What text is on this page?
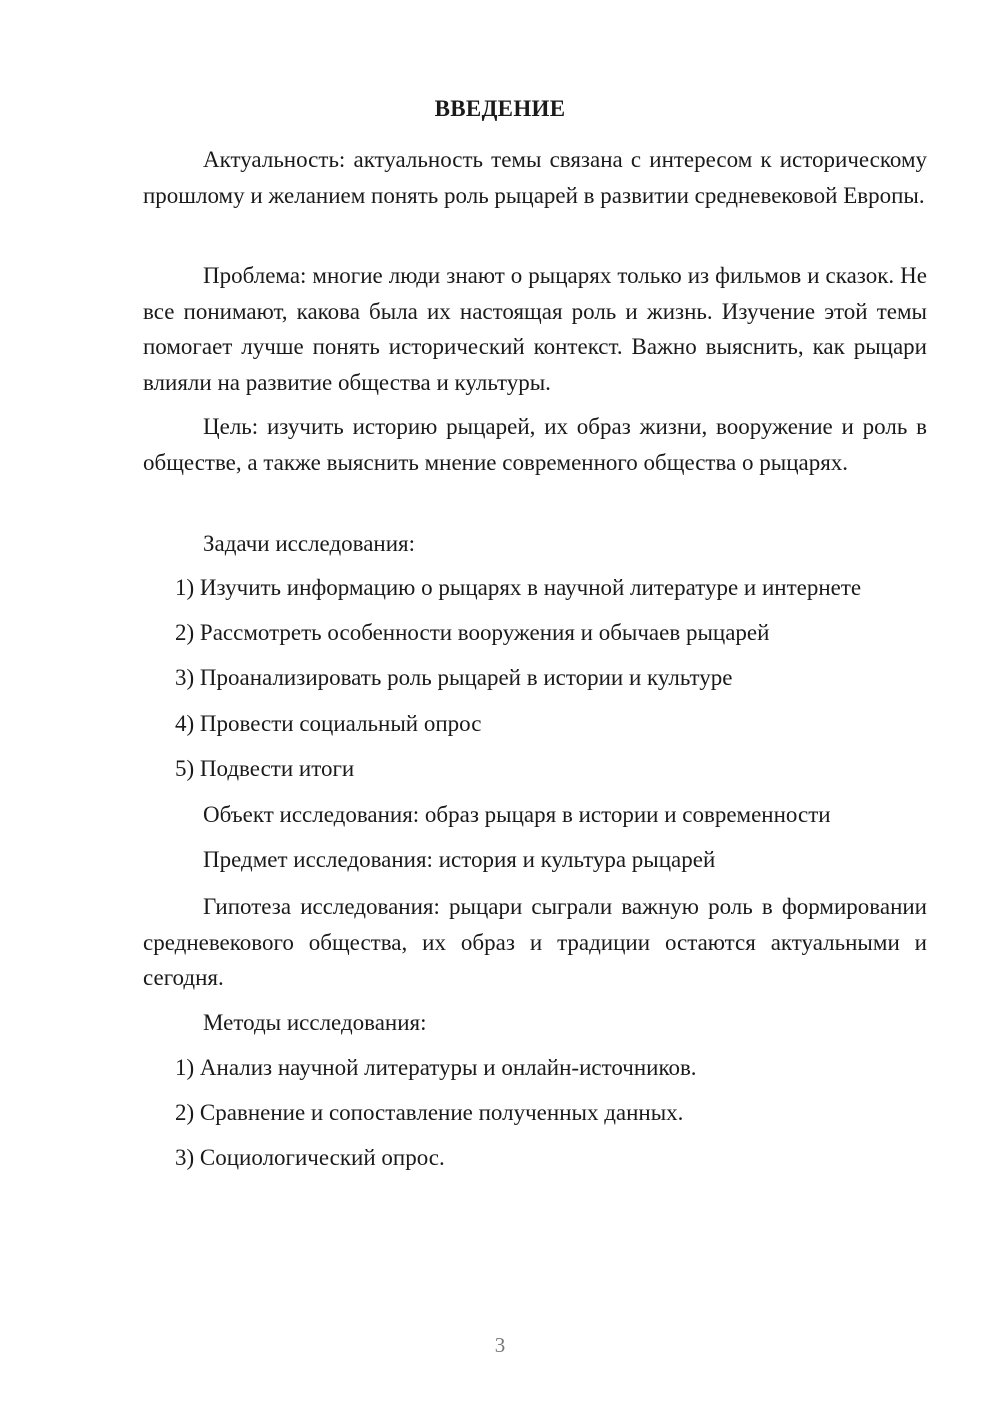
ВВЕДЕНИЕ
Актуальность: актуальность темы связана с интересом к историческому прошлому и желанием понять роль рыцарей в развитии средневековой Европы.
Проблема: многие люди знают о рыцарях только из фильмов и сказок. Не все понимают, какова была их настоящая роль и жизнь. Изучение этой темы помогает лучше понять исторический контекст. Важно выяснить, как рыцари влияли на развитие общества и культуры.
Цель: изучить историю рыцарей, их образ жизни, вооружение и роль в обществе, а также выяснить мнение современного общества о рыцарях.
Задачи исследования:
1) Изучить информацию о рыцарях в научной литературе и интернете
2) Рассмотреть особенности вооружения и обычаев рыцарей
3) Проанализировать роль рыцарей в истории и культуре
4) Провести социальный опрос
5) Подвести итоги
Объект исследования: образ рыцаря в истории и современности
Предмет исследования: история и культура рыцарей
Гипотеза исследования: рыцари сыграли важную роль в формировании средневекового общества, их образ и традиции остаются актуальными и сегодня.
Методы исследования:
1) Анализ научной литературы и онлайн-источников.
2) Сравнение и сопоставление полученных данных.
3) Социологический опрос.
3
